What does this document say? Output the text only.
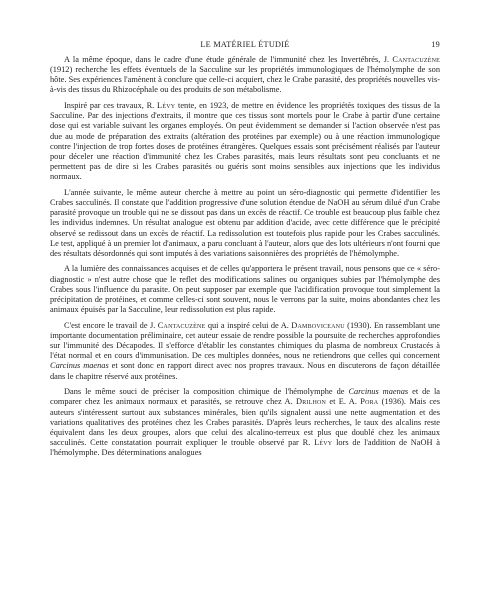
LE MATÉRIEL ÉTUDIÉ	19

A la même époque, dans le cadre d'une étude générale de l'immunité chez les Invertébrés, J. Cantacuzène (1912) recherche les effets éventuels de la Sacculine sur les propriétés immunologiques de l'hémolymphe de son hôte. Ses expériences l'amènent à conclure que celle-ci acquiert, chez le Crabe parasité, des propriétés nouvelles vis-à-vis des tissus du Rhizocéphale ou des produits de son métabolisme.

Inspiré par ces travaux, R. Lévy tente, en 1923, de mettre en évidence les propriétés toxiques des tissus de la Sacculine. Par des injections d'extraits, il montre que ces tissus sont mortels pour le Crabe à partir d'une certaine dose qui est variable suivant les organes employés. On peut évidemment se demander si l'action observée n'est pas due au mode de préparation des extraits (altération des protéines par exemple) ou à une réaction immunologique contre l'injection de trop fortes doses de protéines étrangères. Quelques essais sont précisément réalisés par l'auteur pour déceler une réaction d'immunité chez les Crabes parasités, mais leurs résultats sont peu concluants et ne permettent pas de dire si les Crabes parasités ou guéris sont moins sensibles aux injections que les individus normaux.

L'année suivante, le même auteur cherche à mettre au point un séro-diagnostic qui permette d'identifier les Crabes sacculinés. Il constate que l'addition progressive d'une solution étendue de NaOH au sérum dilué d'un Crabe parasité provoque un trouble qui ne se dissout pas dans un excès de réactif. Ce trouble est beaucoup plus faible chez les individus indemnes. Un résultat analogue est obtenu par addition d'acide, avec cette différence que le précipité observé se redissout dans un excès de réactif. La redissolution est toutefois plus rapide pour les Crabes sacculinés. Le test, appliqué à un premier lot d'animaux, a paru concluant à l'auteur, alors que des lots ultérieurs n'ont fourni que des résultats désordonnés qui sont imputés à des variations saisonnières des propriétés de l'hémolymphe.

A la lumière des connaissances acquises et de celles qu'apportera le présent travail, nous pensons que ce « séro-diagnostic » n'est autre chose que le reflet des modifications salines ou organiques subies par l'hémolymphe des Crabes sous l'influence du parasite. On peut supposer par exemple que l'acidification provoque tout simplement la précipitation de protéines, et comme celles-ci sont souvent, nous le verrons par la suite, moins abondantes chez les animaux épuisés par la Sacculine, leur redissolution est plus rapide.

C'est encore le travail de J. Cantacuzène qui a inspiré celui de A. Damboviceanu (1930). En rassemblant une importante documentation préliminaire, cet auteur essaie de rendre possible la poursuite de recherches approfondies sur l'immunité des Décapodes. Il s'efforce d'établir les constantes chimiques du plasma de nombreux Crustacés à l'état normal et en cours d'immunisation. De ces multiples données, nous ne retiendrons que celles qui concernent Carcinus maenas et sont donc en rapport direct avec nos propres travaux. Nous en discuterons de façon détaillée dans le chapitre réservé aux protéines.

Dans le même souci de préciser la composition chimique de l'hémolymphe de Carcinus maenas et de la comparer chez les animaux normaux et parasités, se retrouve chez A. Drilhon et E. A. Pora (1936). Mais ces auteurs s'intéressent surtout aux substances minérales, bien qu'ils signalent aussi une nette augmentation et des variations qualitatives des protéines chez les Crabes parasités. D'après leurs recherches, le taux des alcalins reste équivalent dans les deux groupes, alors que celui des alcalino-terreux est plus que doublé chez les animaux sacculinés. Cette constatation pourrait expliquer le trouble observé par R. Lévy lors de l'addition de NaOH à l'hémolymphe. Des déterminations analogues
